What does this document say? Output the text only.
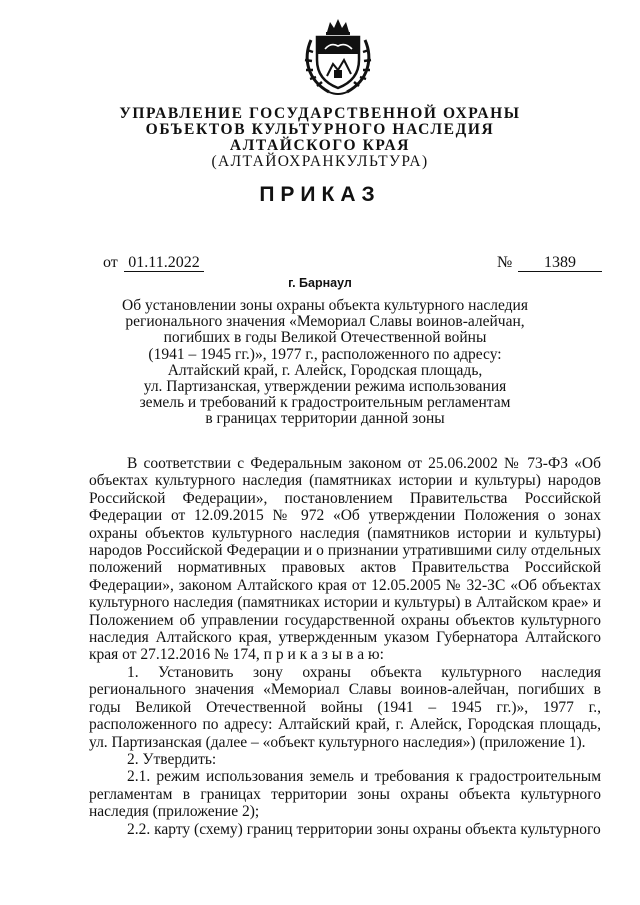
УПРАВЛЕНИЕ ГОСУДАРСТВЕННОЙ ОХРАНЫ
ОБЪЕКТОВ КУЛЬТУРНОГО НАСЛЕДИЯ
АЛТАЙСКОГО КРАЯ
(АЛТАЙОХРАНКУЛЬТУРА)
ПРИКАЗ
от 01.11.2022	№	1389
г. Барнаул
Об установлении зоны охраны объекта культурного наследия
регионального значения «Мемориал Славы воинов-алейчан,
погибших в годы Великой Отечественной войны
(1941 – 1945 гг.)», 1977 г., расположенного по адресу:
Алтайский край, г. Алейск, Городская площадь,
ул. Партизанская, утверждении режима использования
земель и требований к градостроительным регламентам
в границах территории данной зоны

В соответствии с Федеральным законом от 25.06.2002 № 73-ФЗ «Об объектах культурного наследия (памятниках истории и культуры) народов Российской Федерации», постановлением Правительства Российской Федерации от 12.09.2015 № 972 «Об утверждении Положения о зонах охраны объектов культурного наследия (памятников истории и культуры) народов Российской Федерации и о признании утратившими силу отдельных положений нормативных правовых актов Правительства Российской Федерации», законом Алтайского края от 12.05.2005 № 32-ЗС «Об объектах культурного наследия (памятниках истории и культуры) в Алтайском крае» и Положением об управлении государственной охраны объектов культурного наследия Алтайского края, утвержденным указом Губернатора Алтайского края от 27.12.2016 № 174, п р и к а з ы в а ю:

1. Установить зону охраны объекта культурного наследия регионального значения «Мемориал Славы воинов-алейчан, погибших в годы Великой Отечественной войны (1941 – 1945 гг.)», 1977 г., расположенного по адресу: Алтайский край, г. Алейск, Городская площадь, ул. Партизанская (далее – «объект культурного наследия») (приложение 1).

2. Утвердить:

2.1. режим использования земель и требования к градостроительным регламентам в границах территории зоны охраны объекта культурного наследия (приложение 2);

2.2. карту (схему) границ территории зоны охраны объекта культурного
